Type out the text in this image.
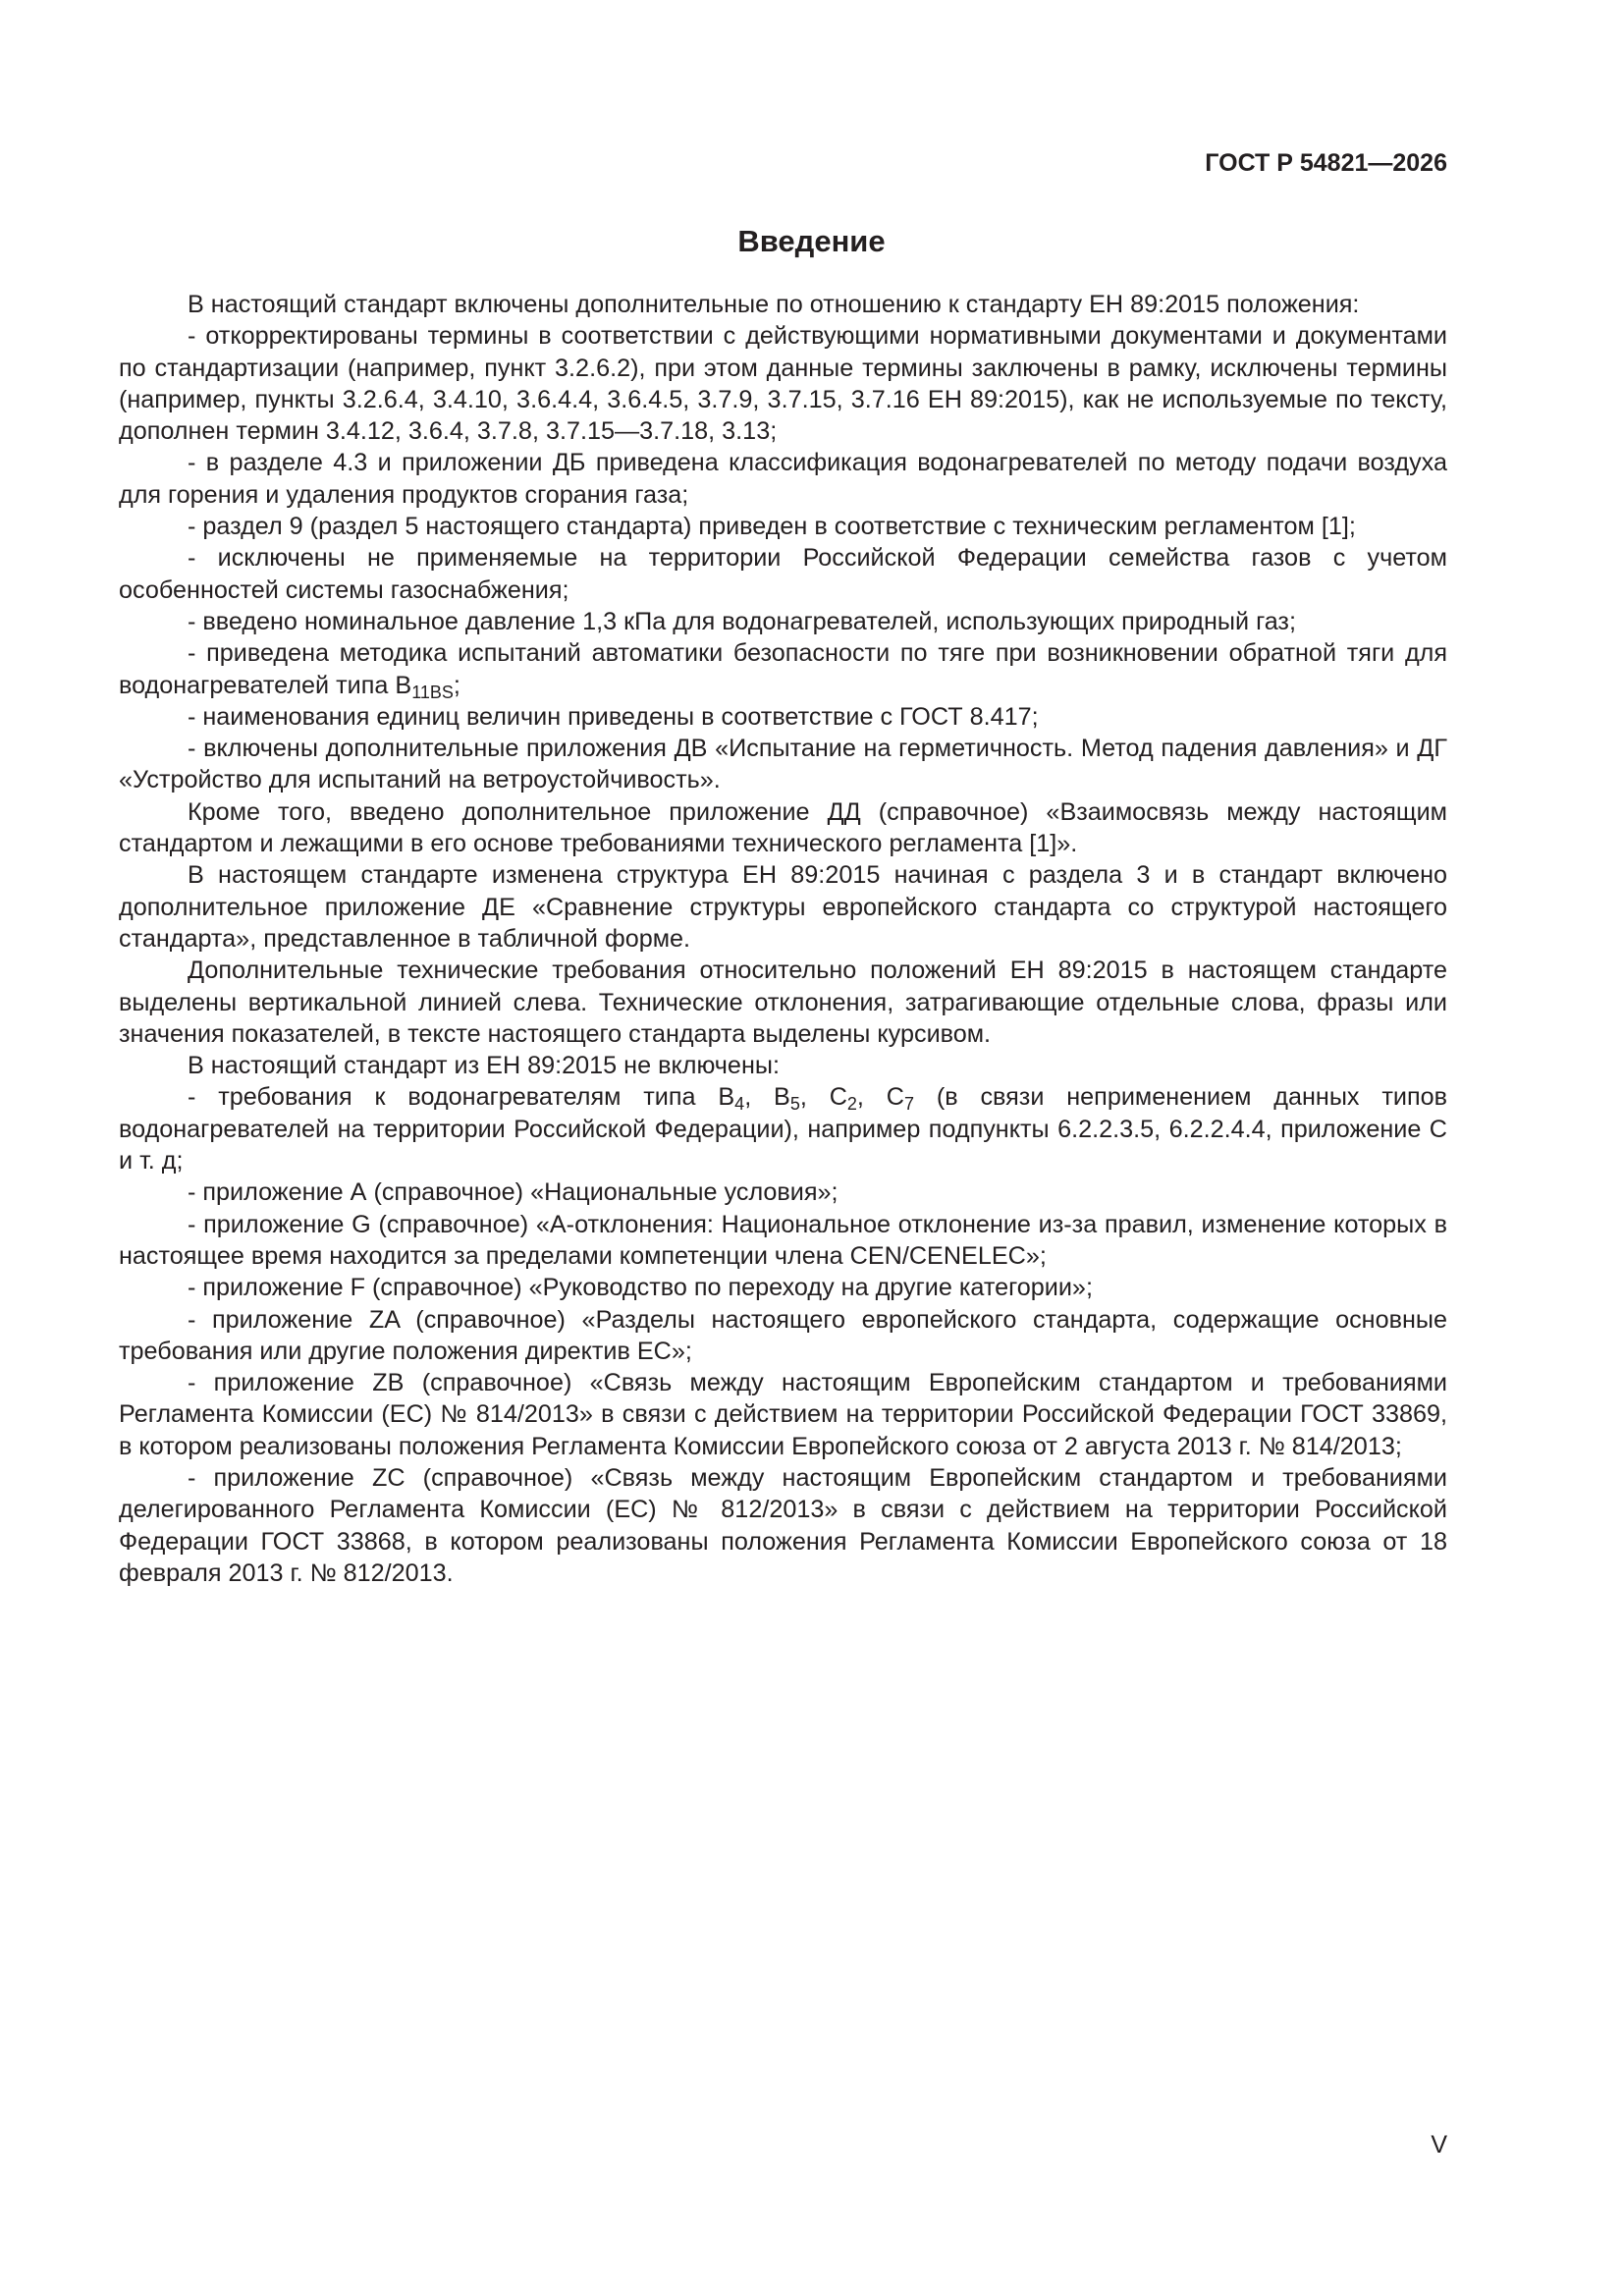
ГОСТ Р 54821—2026
Введение

В настоящий стандарт включены дополнительные по отношению к стандарту ЕН 89:2015 положения:

- откорректированы термины в соответствии с действующими нормативными документами и документами по стандартизации (например, пункт 3.2.6.2), при этом данные термины заключены в рамку, исключены термины (например, пункты 3.2.6.4, 3.4.10, 3.6.4.4, 3.6.4.5, 3.7.9, 3.7.15, 3.7.16 ЕН 89:2015), как не используемые по тексту, дополнен термин 3.4.12, 3.6.4, 3.7.8, 3.7.15—3.7.18, 3.13;

- в разделе 4.3 и приложении ДБ приведена классификация водонагревателей по методу подачи воздуха для горения и удаления продуктов сгорания газа;

- раздел 9 (раздел 5 настоящего стандарта) приведен в соответствие с техническим регламентом [1];

- исключены не применяемые на территории Российской Федерации семейства газов с учетом особенностей системы газоснабжения;

- введено номинальное давление 1,3 кПа для водонагревателей, использующих природный газ;

- приведена методика испытаний автоматики безопасности по тяге при возникновении обратной тяги для водонагревателей типа $B_{11BS}$;

- наименования единиц величин приведены в соответствие с ГОСТ 8.417;

- включены дополнительные приложения ДВ «Испытание на герметичность. Метод падения давления» и ДГ «Устройство для испытаний на ветроустойчивость».

Кроме того, введено дополнительное приложение ДД (справочное) «Взаимосвязь между настоящим стандартом и лежащими в его основе требованиями технического регламента [1]».

В настоящем стандарте изменена структура ЕН 89:2015 начиная с раздела 3 и в стандарт включено дополнительное приложение ДЕ «Сравнение структуры европейского стандарта со структурой настоящего стандарта», представленное в табличной форме.

Дополнительные технические требования относительно положений ЕН 89:2015 в настоящем стандарте выделены вертикальной линией слева. Технические отклонения, затрагивающие отдельные слова, фразы или значения показателей, в тексте настоящего стандарта выделены курсивом.

В настоящий стандарт из ЕН 89:2015 не включены:

- требования к водонагревателям типа $B_4$, $B_5$, $C_2$, $C_7$ (в связи неприменением данных типов водонагревателей на территории Российской Федерации), например подпункты 6.2.2.3.5, 6.2.2.4.4, приложение С и т. д;

- приложение А (справочное) «Национальные условия»;

- приложение G (справочное) «А-отклонения: Национальное отклонение из-за правил, изменение которых в настоящее время находится за пределами компетенции члена CEN/CENELEC»;

- приложение F (справочное) «Руководство по переходу на другие категории»;

- приложение ZA (справочное) «Разделы настоящего европейского стандарта, содержащие основные требования или другие положения директив ЕС»;

- приложение ZB (справочное) «Связь между настоящим Европейским стандартом и требованиями Регламента Комиссии (ЕС) № 814/2013» в связи с действием на территории Российской Федерации ГОСТ 33869, в котором реализованы положения Регламента Комиссии Европейского союза от 2 августа 2013 г. № 814/2013;

- приложение ZC (справочное) «Связь между настоящим Европейским стандартом и требованиями делегированного Регламента Комиссии (ЕС) № 812/2013» в связи с действием на территории Российской Федерации ГОСТ 33868, в котором реализованы положения Регламента Комиссии Европейского союза от 18 февраля 2013 г. № 812/2013.

V
